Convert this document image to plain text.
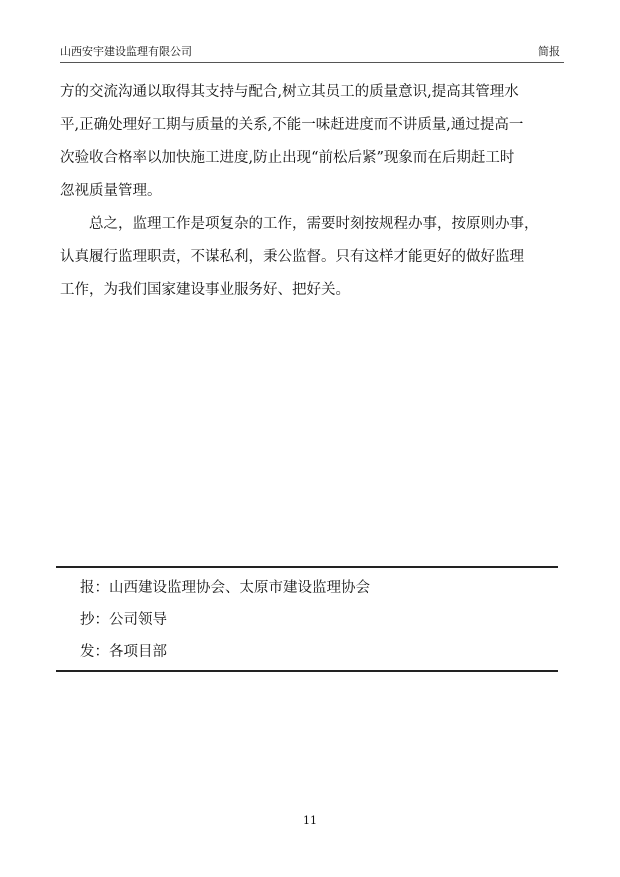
山西安宇建设监理有限公司	简报
方的交流沟通以取得其支持与配合,树立其员工的质量意识,提高其管理水
平,正确处理好工期与质量的关系,不能一味赶进度而不讲质量,通过提高一
次验收合格率以加快施工进度,防止出现“前松后紧”现象而在后期赶工时
忽视质量管理。
　　总之，监理工作是项复杂的工作，需要时刻按规程办事，按原则办事，
认真履行监理职责，不谋私利，秉公监督。只有这样才能更好的做好监理
工作，为我们国家建设事业服务好、把好关。
报：山西建设监理协会、太原市建设监理协会
抄：公司领导
发：各项目部
11
